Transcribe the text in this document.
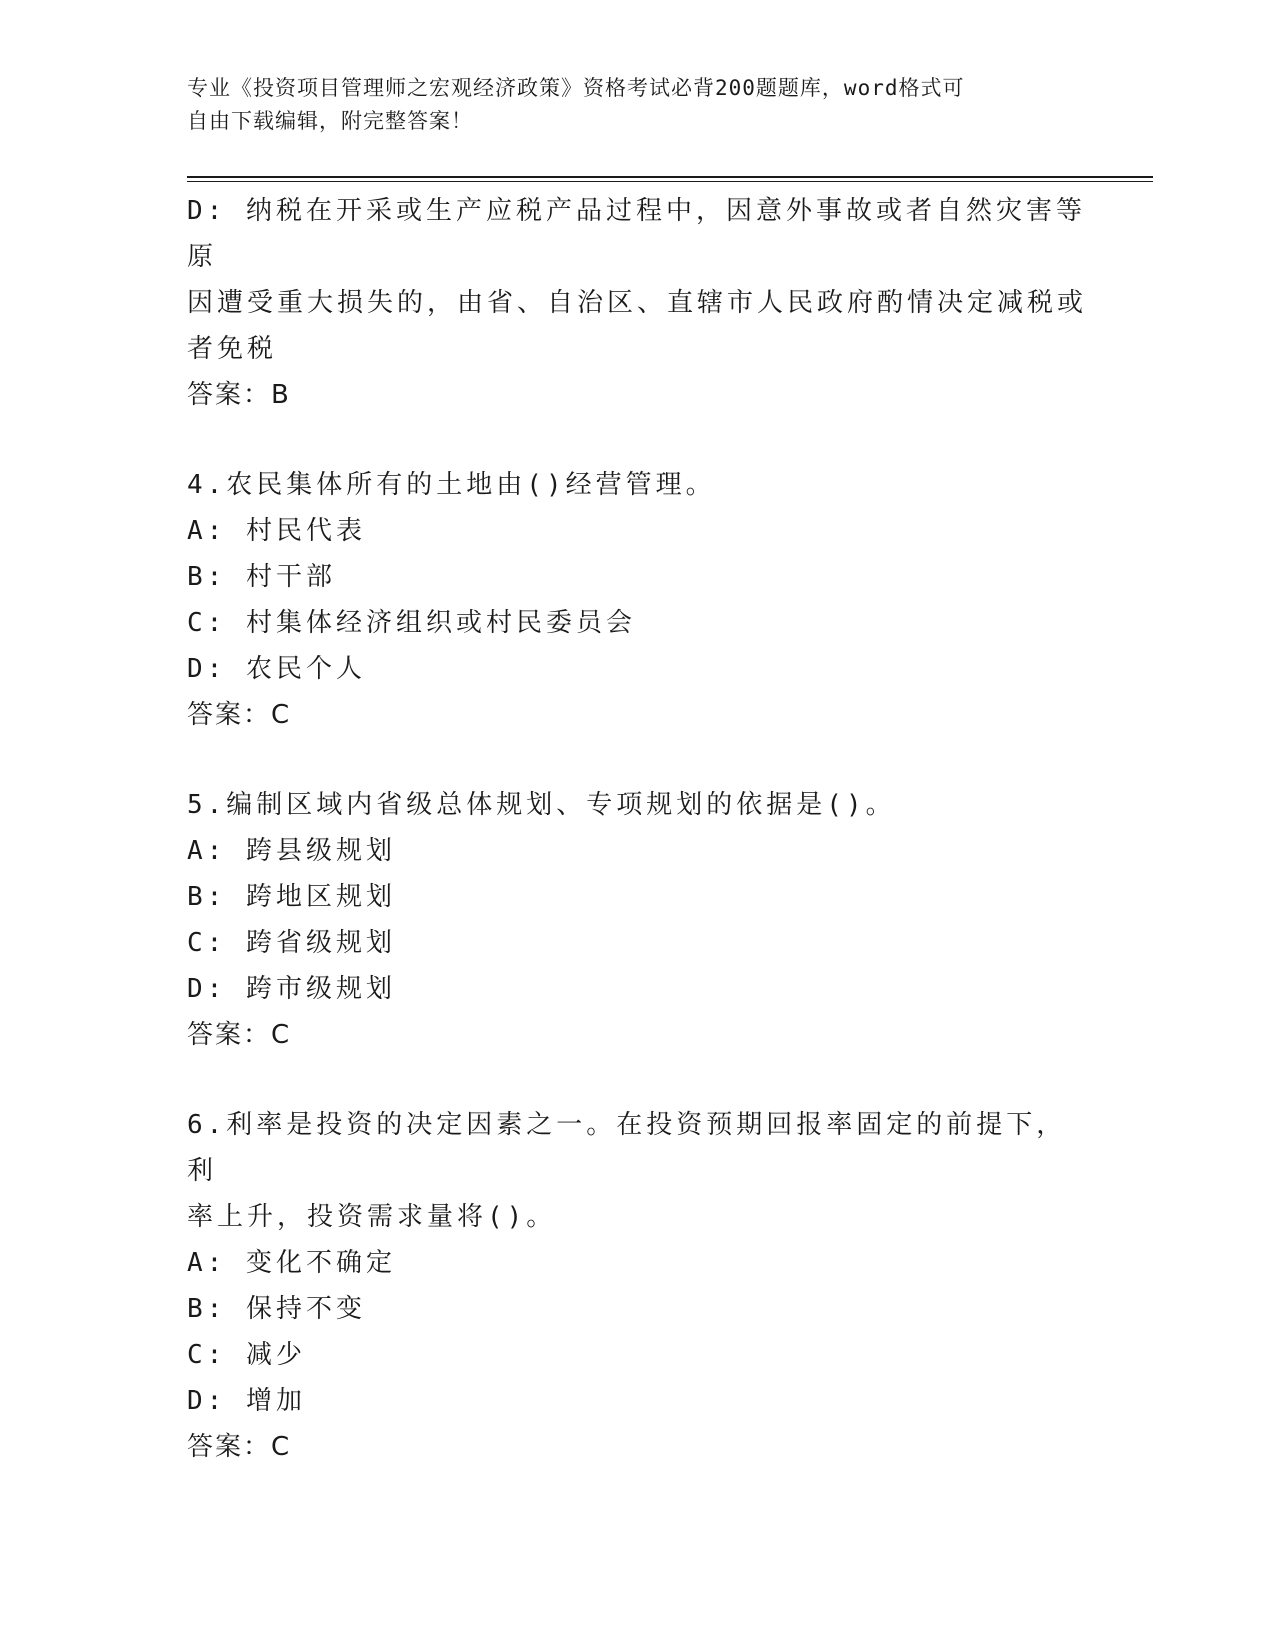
专业《投资项目管理师之宏观经济政策》资格考试必背200题题库，word格式可
自由下载编辑，附完整答案！
D: 纳税在开采或生产应税产品过程中，因意外事故或者自然灾害等原
因遭受重大损失的，由省、自治区、直辖市人民政府酌情决定减税或
者免税
答案：B
4.农民集体所有的土地由()经营管理。
A: 村民代表
B: 村干部
C: 村集体经济组织或村民委员会
D: 农民个人
答案：C
5.编制区域内省级总体规划、专项规划的依据是()。
A: 跨县级规划
B: 跨地区规划
C: 跨省级规划
D: 跨市级规划
答案：C
6.利率是投资的决定因素之一。在投资预期回报率固定的前提下，利
率上升，投资需求量将()。
A: 变化不确定
B: 保持不变
C: 减少
D: 增加
答案：C
